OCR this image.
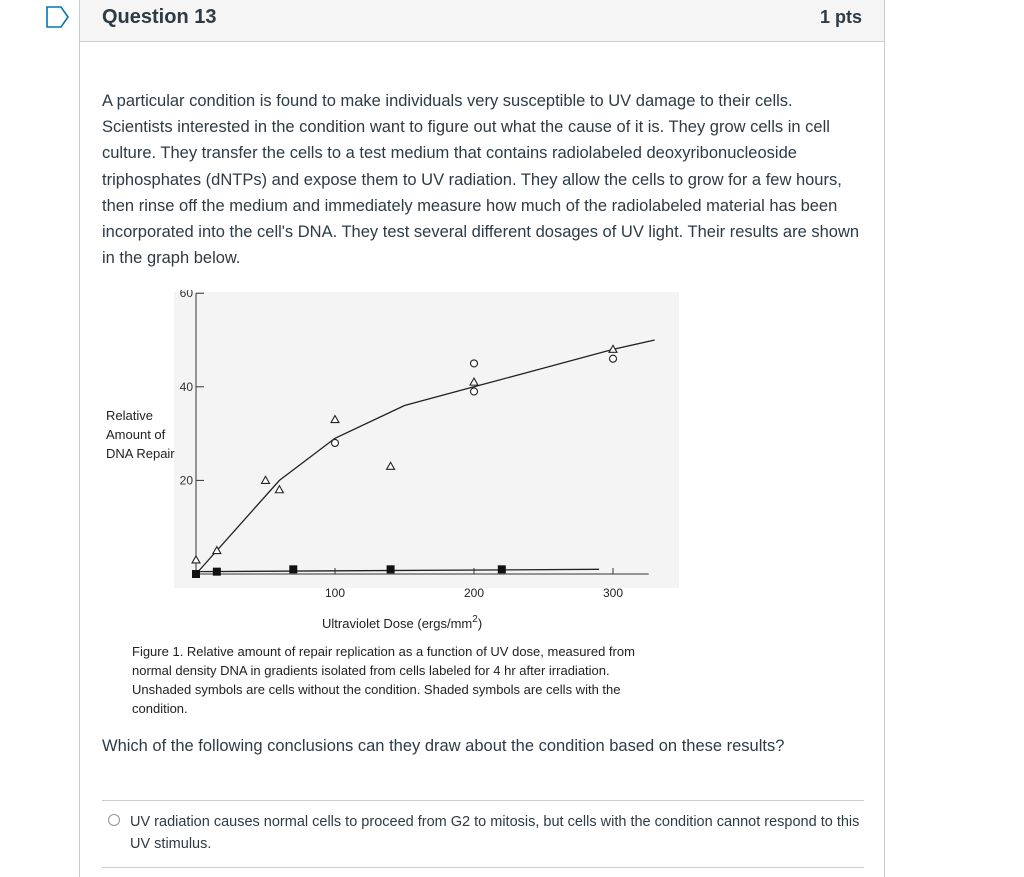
Question 13	1 pts
A particular condition is found to make individuals very susceptible to UV damage to their cells. Scientists interested in the condition want to figure out what the cause of it is. They grow cells in cell culture. They transfer the cells to a test medium that contains radiolabeled deoxyribonucleoside triphosphates (dNTPs) and expose them to UV radiation. They allow the cells to grow for a few hours, then rinse off the medium and immediately measure how much of the radiolabeled material has been incorporated into the cell's DNA. They test several different dosages of UV light. Their results are shown in the graph below.
20
40
60
100	200	300
Relative
Amount of
DNA Repair
Ultraviolet Dose $(ergs/mm^2)$
Figure 1. Relative amount of repair replication as a function of UV dose, measured from normal density DNA in gradients isolated from cells labeled for 4 hr after irradiation. Unshaded symbols are cells without the condition. Shaded symbols are cells with the condition.
Which of the following conclusions can they draw about the condition based on these results?
UV radiation causes normal cells to proceed from G2 to mitosis, but cells with the condition cannot respond to this UV stimulus.
